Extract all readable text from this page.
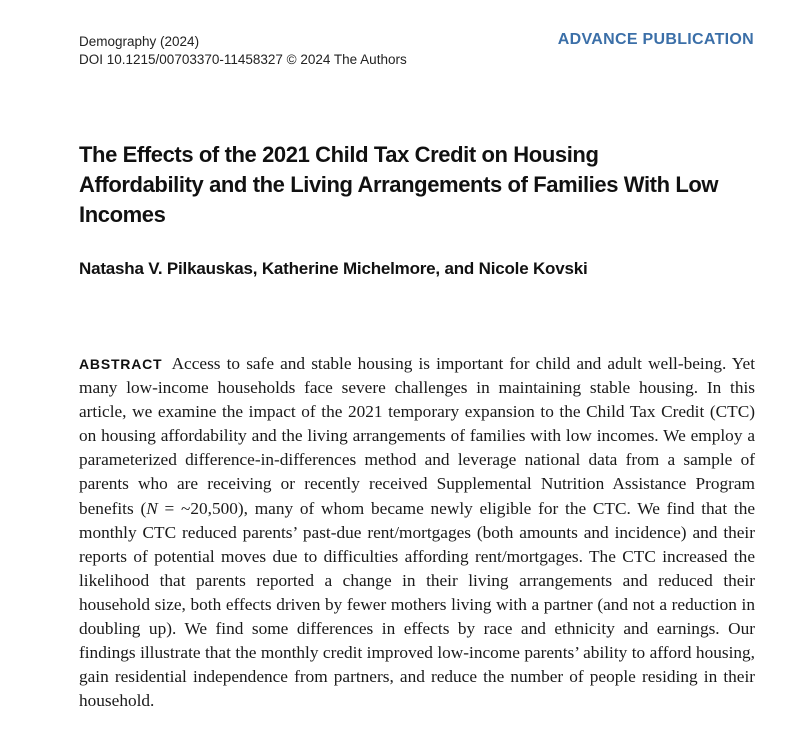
Demography (2024)
DOI 10.1215/00703370-11458327 © 2024 The Authors
ADVANCE PUBLICATION
The Effects of the 2021 Child Tax Credit on Housing Affordability and the Living Arrangements of Families With Low Incomes
Natasha V. Pilkauskas, Katherine Michelmore, and Nicole Kovski

ABSTRACT Access to safe and stable housing is important for child and adult well-being. Yet many low-income households face severe challenges in maintaining stable housing. In this article, we examine the impact of the 2021 temporary expansion to the Child Tax Credit (CTC) on housing affordability and the living arrangements of families with low incomes. We employ a parameterized difference-in-differences method and leverage national data from a sample of parents who are receiving or recently received Supplemental Nutrition Assistance Program benefits (N = ~20,500), many of whom became newly eligible for the CTC. We find that the monthly CTC reduced parents’ past-due rent/mortgages (both amounts and incidence) and their reports of potential moves due to difficulties affording rent/mortgages. The CTC increased the likelihood that parents reported a change in their living arrangements and reduced their household size, both effects driven by fewer mothers living with a partner (and not a reduction in doubling up). We find some differences in effects by race and ethnicity and earnings. Our findings illustrate that the monthly credit improved low-income parents’ ability to afford housing, gain residential independence from partners, and reduce the number of people residing in their household.
